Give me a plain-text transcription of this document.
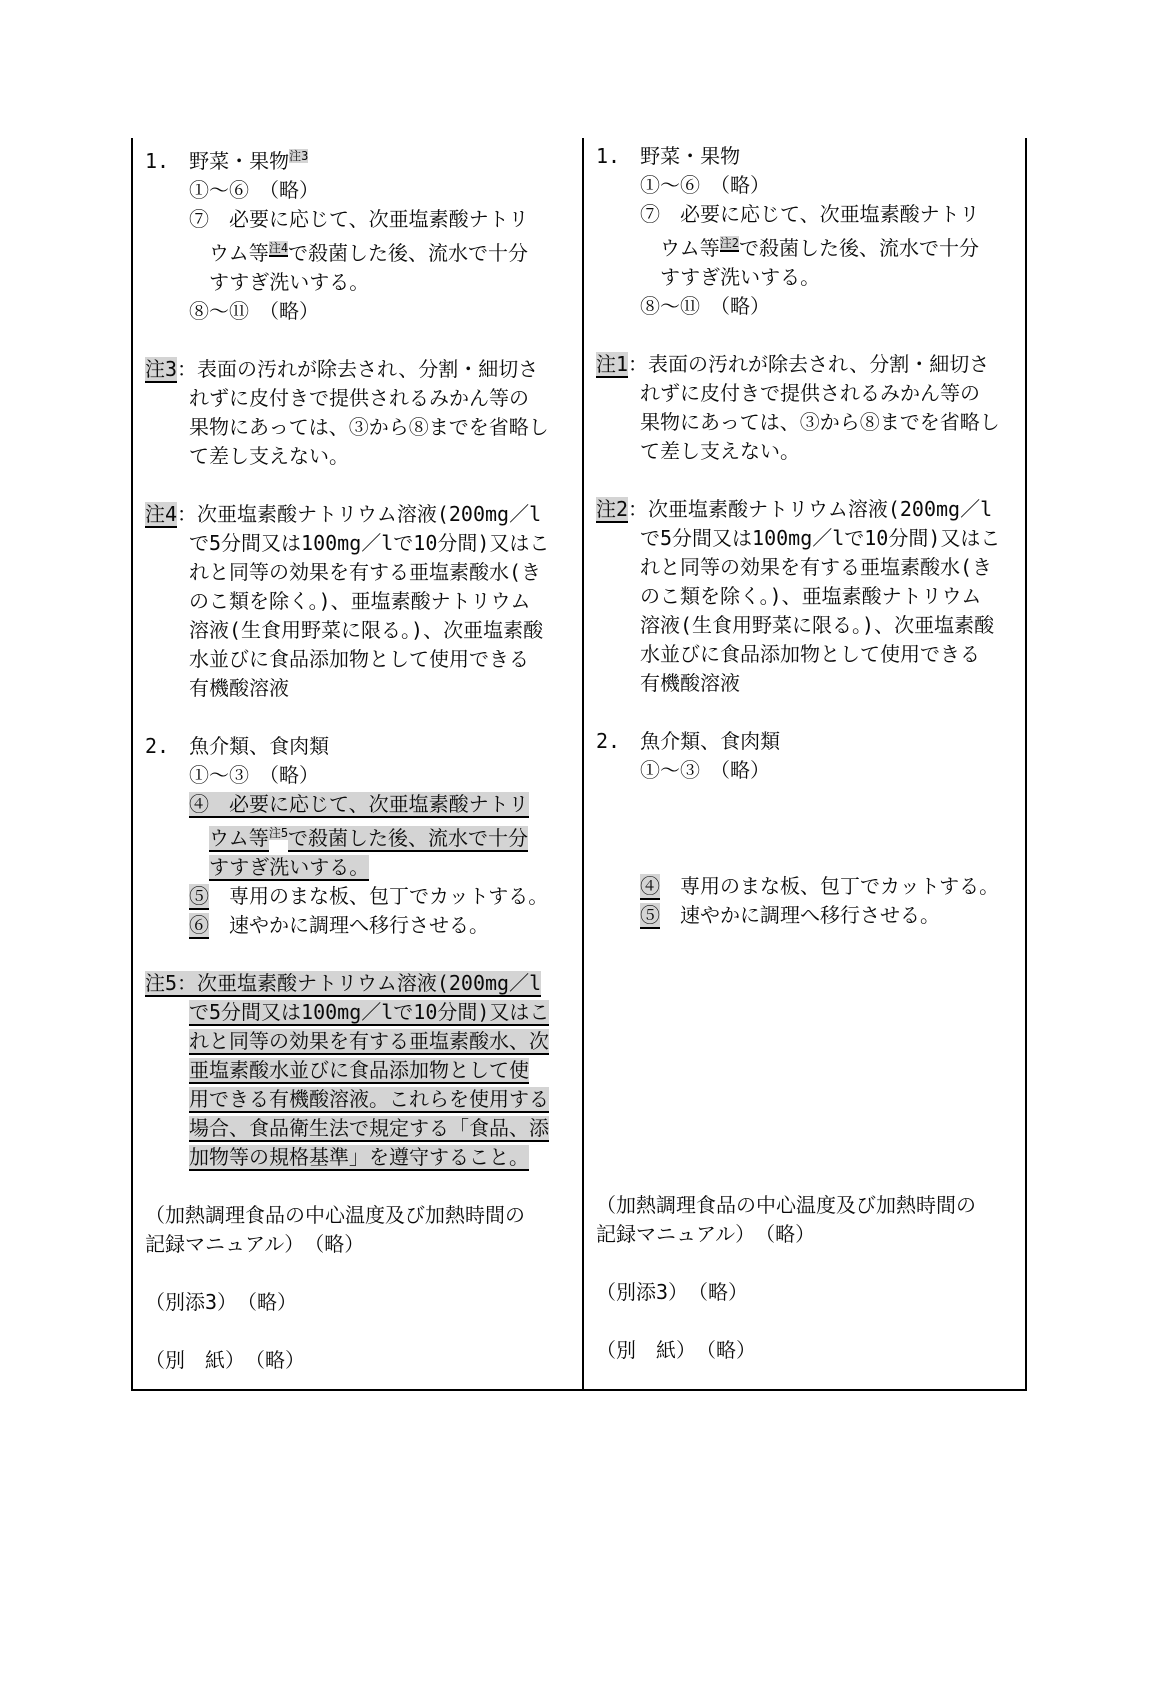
1.　野菜・果物$^{注3}$
①〜⑥　（略）
⑦　必要に応じて、次亜塩素酸ナトリ
ウム等$^{注4}$で殺菌した後、流水で十分
すすぎ洗いする。
⑧〜⑪　（略）
注3：表面の汚れが除去され、分割・細切さ
れずに皮付きで提供されるみかん等の
果物にあっては、③から⑧までを省略し
て差し支えない。
注4：次亜塩素酸ナトリウム溶液(200mg／l
で5分間又は100mg／lで10分間)又はこ
れと同等の効果を有する亜塩素酸水(き
のこ類を除く。)、亜塩素酸ナトリウム
溶液(生食用野菜に限る。)、次亜塩素酸
水並びに食品添加物として使用できる
有機酸溶液
2.　魚介類、食肉類
①〜③　（略）
④　必要に応じて、次亜塩素酸ナトリ
ウム等$^{注5}$で殺菌した後、流水で十分
すすぎ洗いする。
⑤　専用のまな板、包丁でカットする。
⑥　速やかに調理へ移行させる。
注5：次亜塩素酸ナトリウム溶液(200mg／l
で5分間又は100mg／lで10分間)又はこ
れと同等の効果を有する亜塩素酸水、次
亜塩素酸水並びに食品添加物として使
用できる有機酸溶液。これらを使用する
場合、食品衛生法で規定する「食品、添
加物等の規格基準」を遵守すること。
（加熱調理食品の中心温度及び加熱時間の
記録マニュアル）　（略）
（別添3）　（略）
（別　紙）　（略）
1.　野菜・果物
①〜⑥　（略）
⑦　必要に応じて、次亜塩素酸ナトリ
ウム等$^{注2}$で殺菌した後、流水で十分
すすぎ洗いする。
⑧〜⑪　（略）
注1：表面の汚れが除去され、分割・細切さ
れずに皮付きで提供されるみかん等の
果物にあっては、③から⑧までを省略し
て差し支えない。
注2：次亜塩素酸ナトリウム溶液(200mg／l
で5分間又は100mg／lで10分間)又はこ
れと同等の効果を有する亜塩素酸水(き
のこ類を除く。)、亜塩素酸ナトリウム
溶液(生食用野菜に限る。)、次亜塩素酸
水並びに食品添加物として使用できる
有機酸溶液
2.　魚介類、食肉類
①〜③　（略）
④　専用のまな板、包丁でカットする。
⑤　速やかに調理へ移行させる。
（加熱調理食品の中心温度及び加熱時間の
記録マニュアル）　（略）
（別添3）　（略）
（別　紙）　（略）
